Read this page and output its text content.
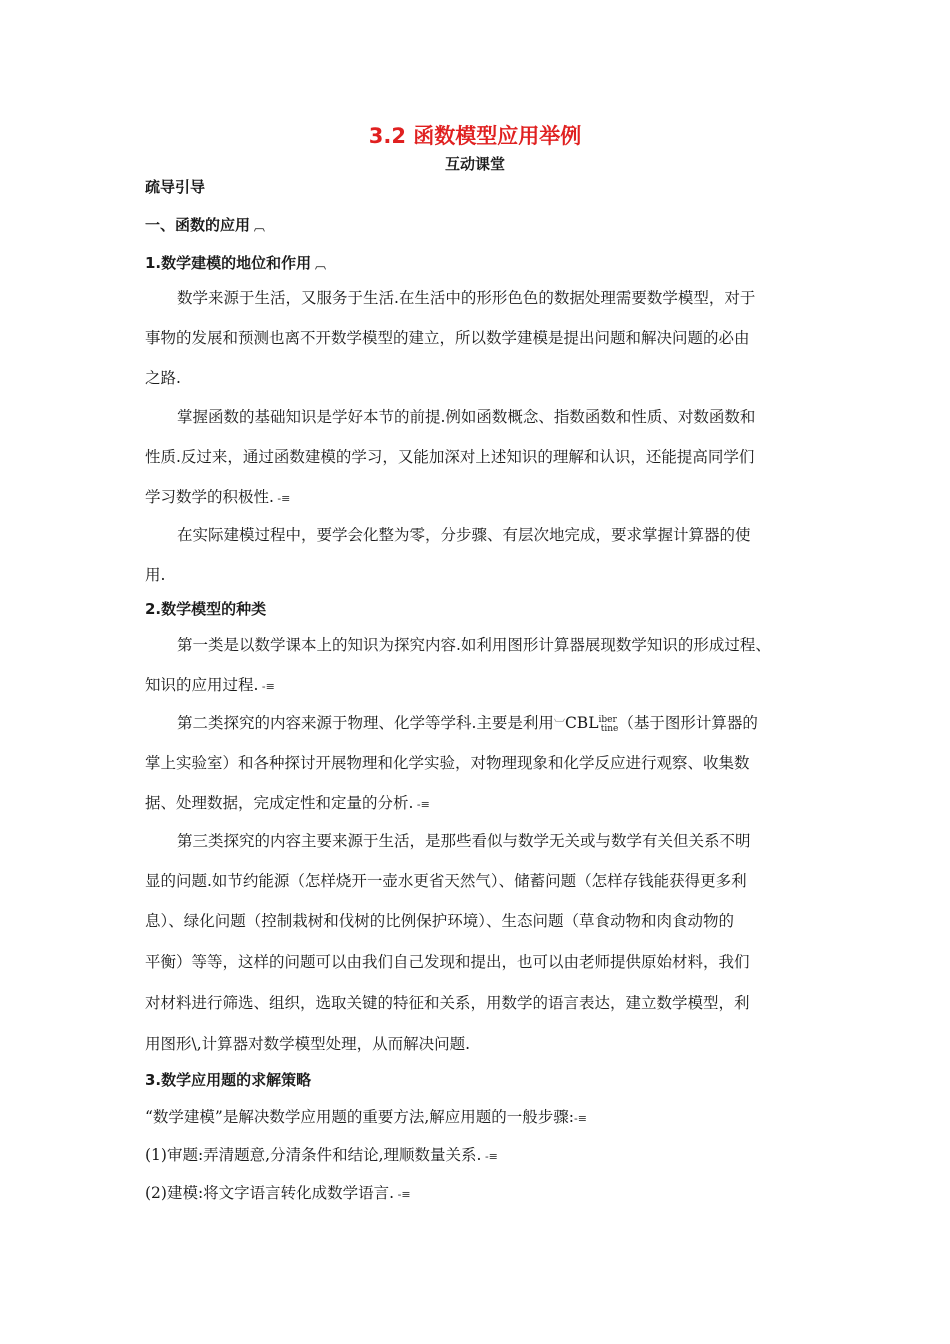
3.2 函数模型应用举例
互动课堂
疏导引导
一、函数的应用 ︹
1.数学建模的地位和作用 ︹
数学来源于生活，又服务于生活.在生活中的形形色色的数据处理需要数学模型，对于
事物的发展和预测也离不开数学模型的建立，所以数学建模是提出问题和解决问题的必由
之路.
掌握函数的基础知识是学好本节的前提.例如函数概念、指数函数和性质、对数函数和
性质.反过来，通过函数建模的学习，又能加深对上述知识的理解和认识，还能提高同学们
学习数学的积极性. -≡
在实际建模过程中，要学会化整为零，分步骤、有层次地完成，要求掌握计算器的使
用.
2.数学模型的种类
第一类是以数学课本上的知识为探究内容.如利用图形计算器展现数学知识的形成过程、
知识的应用过程. -≡
第二类探究的内容来源于物理、化学等学科.主要是利用$︺CBL^{iber}tine$（基于图形计算器的
掌上实验室）和各种探讨开展物理和化学实验，对物理现象和化学反应进行观察、收集数
据、处理数据，完成定性和定量的分析. -≡
第三类探究的内容主要来源于生活，是那些看似与数学无关或与数学有关但关系不明
显的问题.如节约能源（怎样烧开一壶水更省天然气）、储蓄问题（怎样存钱能获得更多利
息）、绿化问题（控制栽树和伐树的比例保护环境）、生态问题（草食动物和肉食动物的
平衡）等等，这样的问题可以由我们自己发现和提出，也可以由老师提供原始材料，我们
对材料进行筛选、组织，选取关键的特征和关系，用数学的语言表达，建立数学模型，利
用图形\,计算器对数学模型处理，从而解决问题.
3.数学应用题的求解策略
“数学建模”是解决数学应用题的重要方法,解应用题的一般步骤:-≡
(1)审题:弄清题意,分清条件和结论,理顺数量关系. -≡
(2)建模:将文字语言转化成数学语言. -≡
